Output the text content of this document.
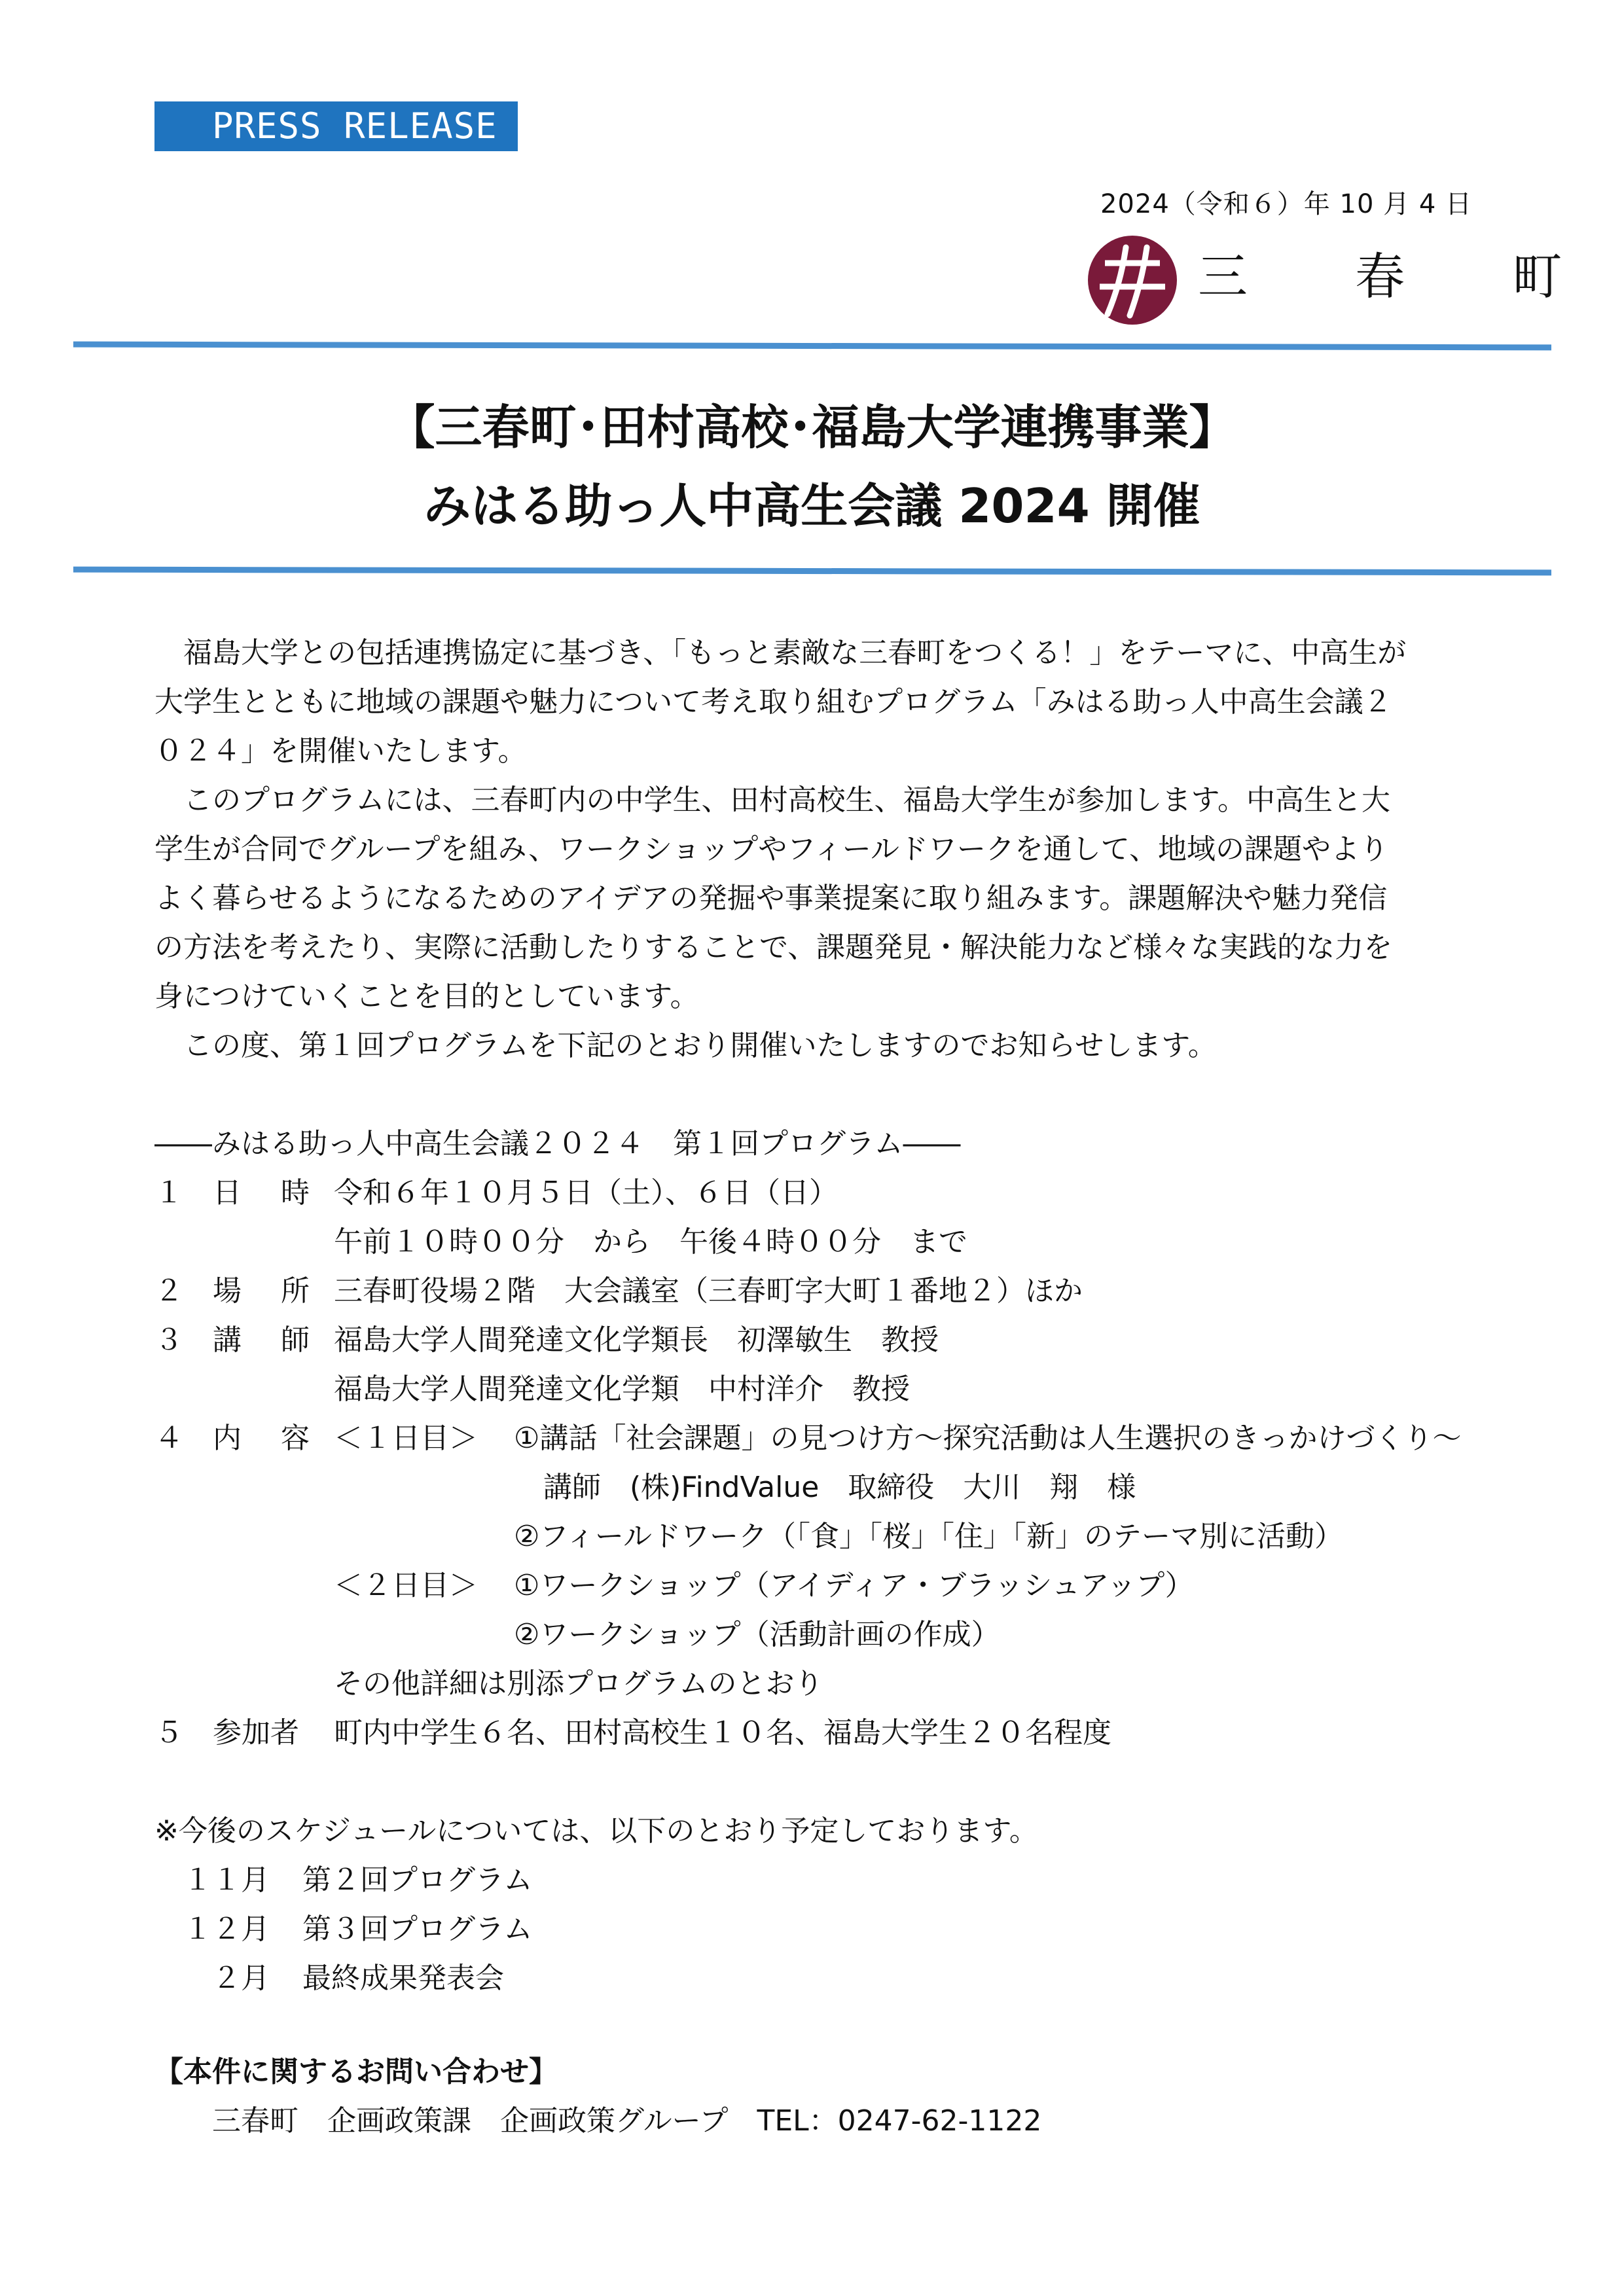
PRESS RELEASE
2024（令和６）年 10 月 4 日
三 春 町
【三春町･田村高校･福島大学連携事業】
みはる助っ人中高生会議 2024 開催
　福島大学との包括連携協定に基づき、「もっと素敵な三春町をつくる！」をテーマに、中高生が
大学生とともに地域の課題や魅力について考え取り組むプログラム「みはる助っ人中高生会議２
０２４」を開催いたします。
　このプログラムには、三春町内の中学生、田村高校生、福島大学生が参加します。中高生と大
学生が合同でグループを組み、ワークショップやフィールドワークを通して、地域の課題やより
よく暮らせるようになるためのアイデアの発掘や事業提案に取り組みます。課題解決や魅力発信
の方法を考えたり、実際に活動したりすることで、課題発見・解決能力など様々な実践的な力を
身につけていくことを目的としています。
　この度、第１回プログラムを下記のとおり開催いたしますのでお知らせします。
――みはる助っ人中高生会議２０２４　第１回プログラム――
１ 日　時 令和６年１０月５日（土）、６日（日）
午前１０時００分　から　午後４時００分　まで
２ 場　所 三春町役場２階　大会議室（三春町字大町１番地２）ほか
３ 講　師 福島大学人間発達文化学類長　初澤敏生　教授
福島大学人間発達文化学類　中村洋介　教授
４ 内　容 ＜１日目＞ ①講話「社会課題」の見つけ方～探究活動は人生選択のきっかけづくり～
講師　(株)FindValue　取締役　大川　翔　様
②フィールドワーク（「食」「桜」「住」「新」のテーマ別に活動）
＜２日目＞ ①ワークショップ（アイディア・ブラッシュアップ）
②ワークショップ（活動計画の作成）
その他詳細は別添プログラムのとおり
５ 参加者 町内中学生６名、田村高校生１０名、福島大学生２０名程度
※今後のスケジュールについては、以下のとおり予定しております。
１１月 第２回プログラム
１２月 第３回プログラム
２月 最終成果発表会
【本件に関するお問い合わせ】
三春町　企画政策課　企画政策グループ　TEL：0247-62-1122
